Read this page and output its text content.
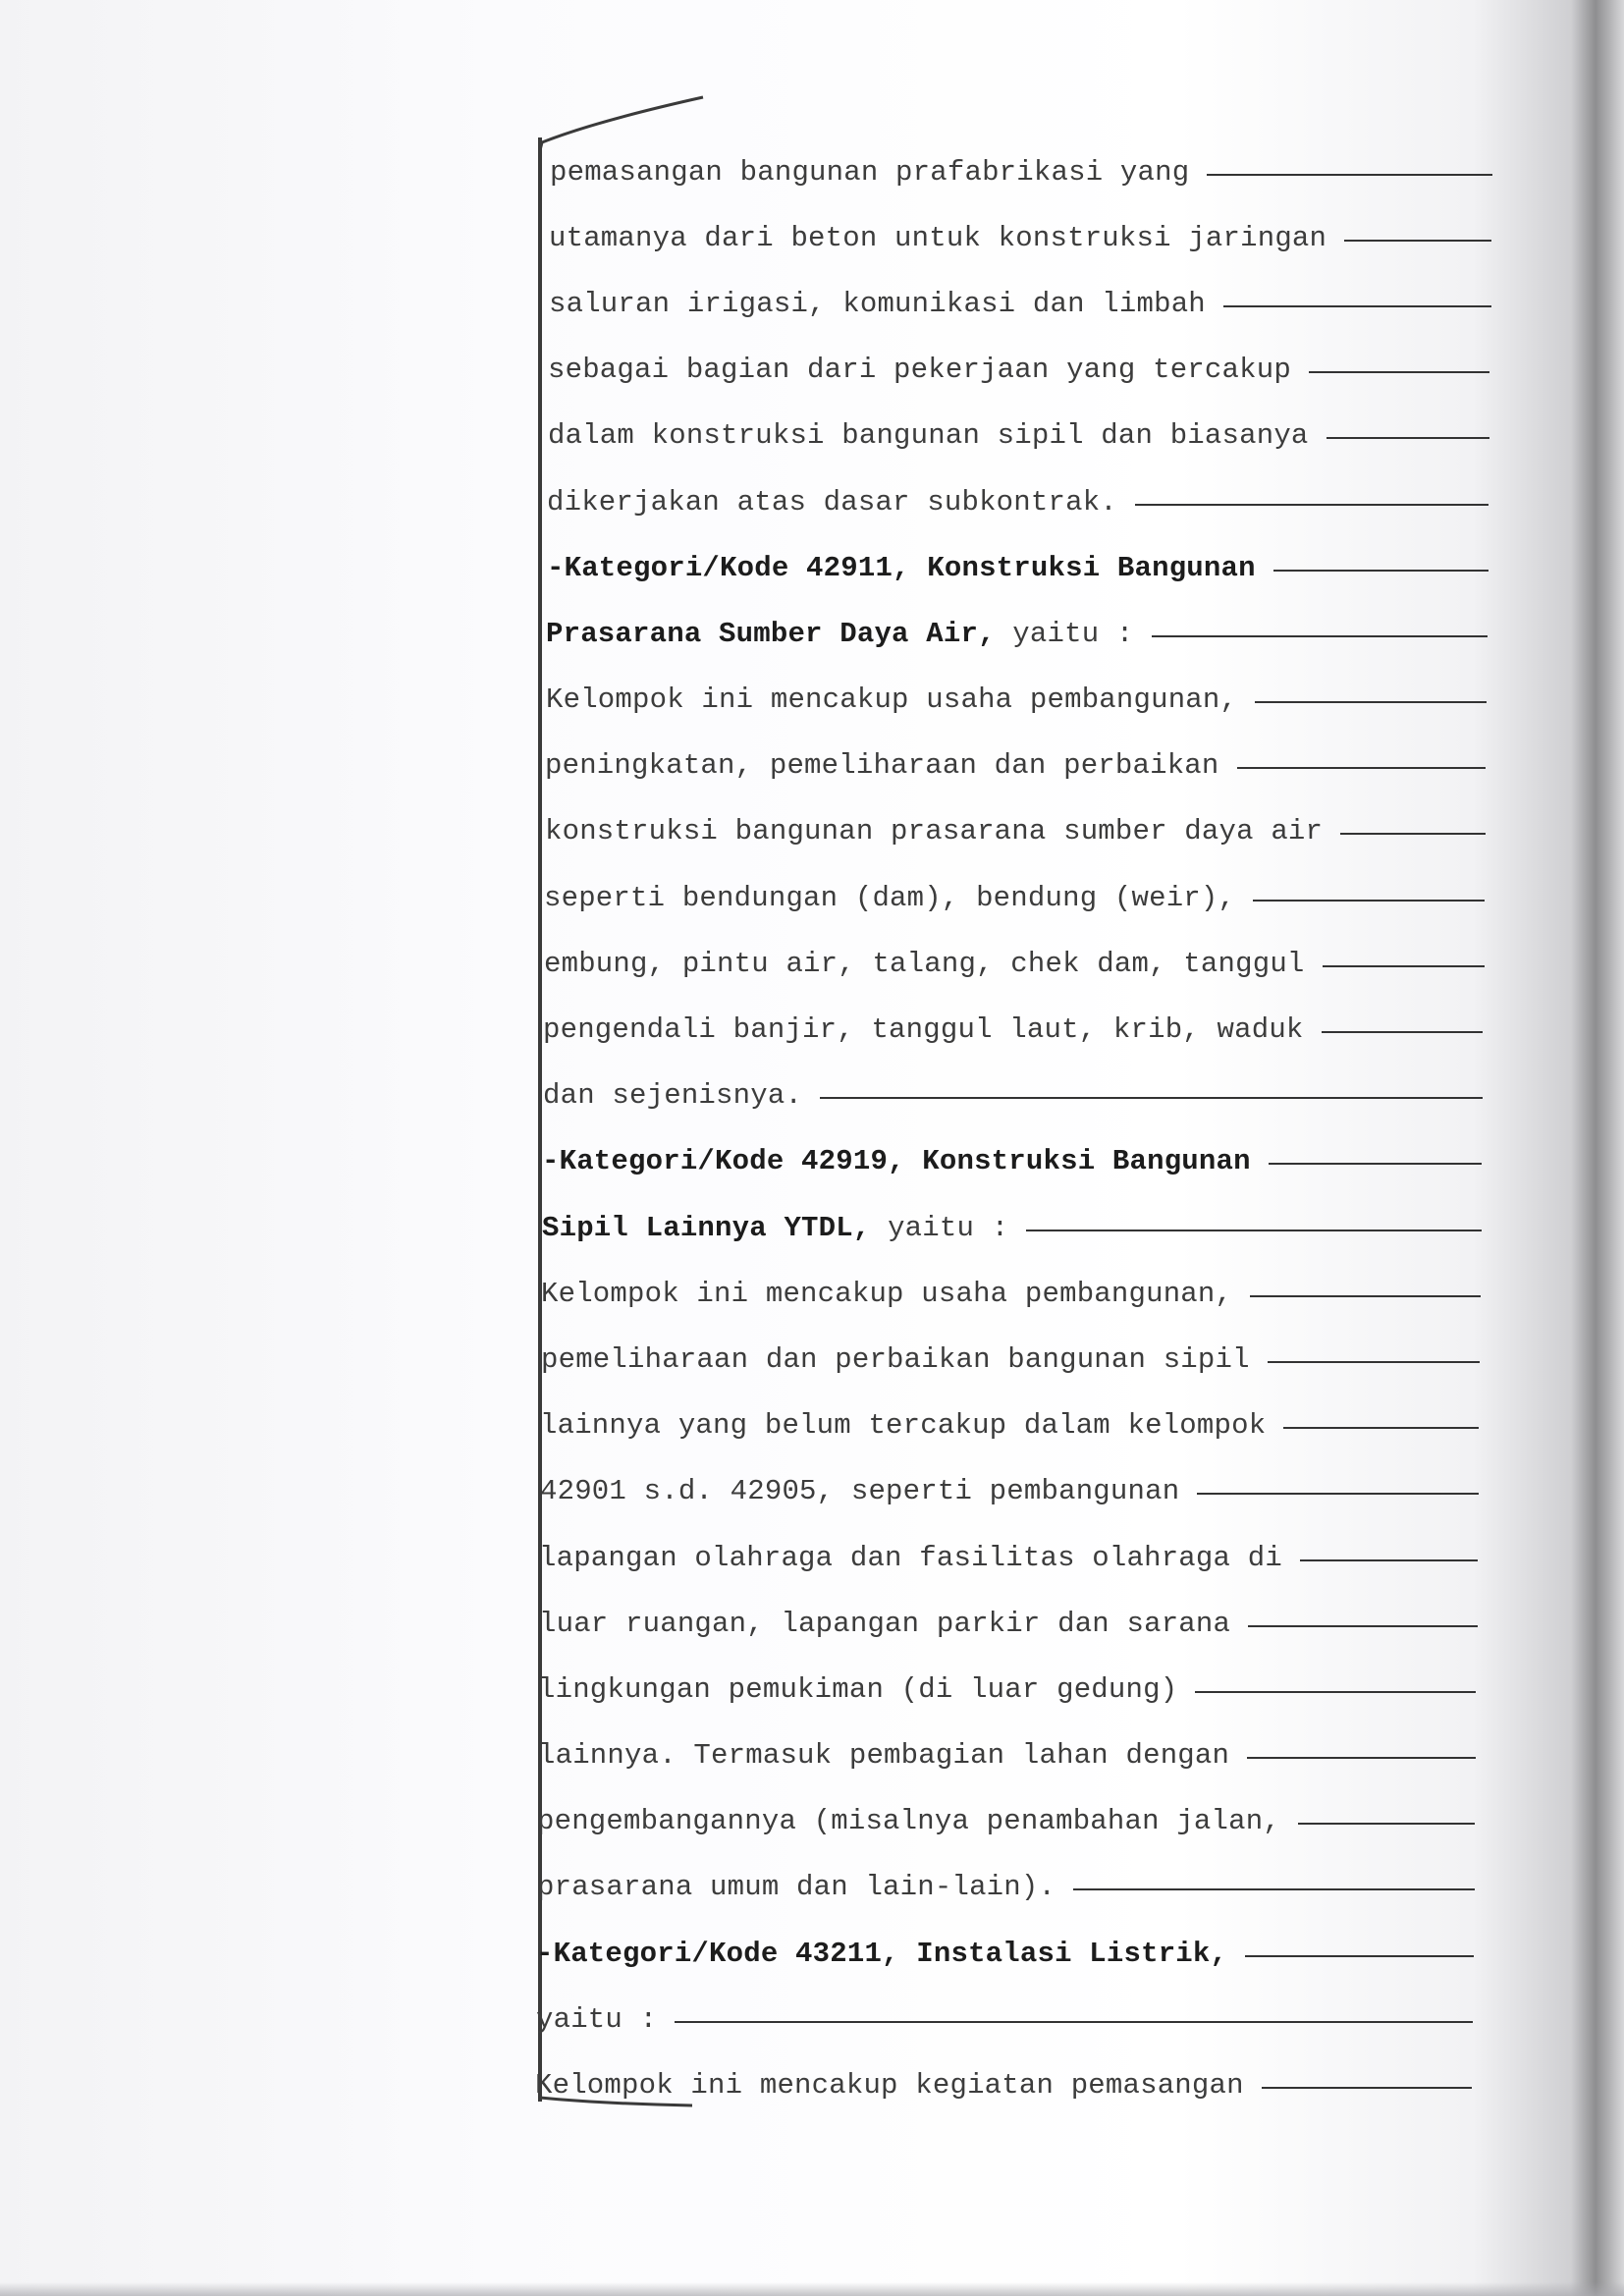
pemasangan bangunan prafabrikasi yang
utamanya dari beton untuk konstruksi jaringan
saluran irigasi, komunikasi dan limbah
sebagai bagian dari pekerjaan yang tercakup
dalam konstruksi bangunan sipil dan biasanya
dikerjakan atas dasar subkontrak.
-Kategori/Kode 42911, Konstruksi Bangunan
Prasarana Sumber Daya Air, yaitu :
Kelompok ini mencakup usaha pembangunan,
peningkatan, pemeliharaan dan perbaikan
konstruksi bangunan prasarana sumber daya air
seperti bendungan (dam), bendung (weir),
embung, pintu air, talang, chek dam, tanggul
pengendali banjir, tanggul laut, krib, waduk
dan sejenisnya.
-Kategori/Kode 42919, Konstruksi Bangunan
Sipil Lainnya YTDL, yaitu :
Kelompok ini mencakup usaha pembangunan,
pemeliharaan dan perbaikan bangunan sipil
lainnya yang belum tercakup dalam kelompok
42901 s.d. 42905, seperti pembangunan
lapangan olahraga dan fasilitas olahraga di
luar ruangan, lapangan parkir dan sarana
lingkungan pemukiman (di luar gedung)
lainnya. Termasuk pembagian lahan dengan
pengembangannya (misalnya penambahan jalan,
prasarana umum dan lain-lain).
-Kategori/Kode 43211, Instalasi Listrik,
yaitu :
Kelompok ini mencakup kegiatan pemasangan
